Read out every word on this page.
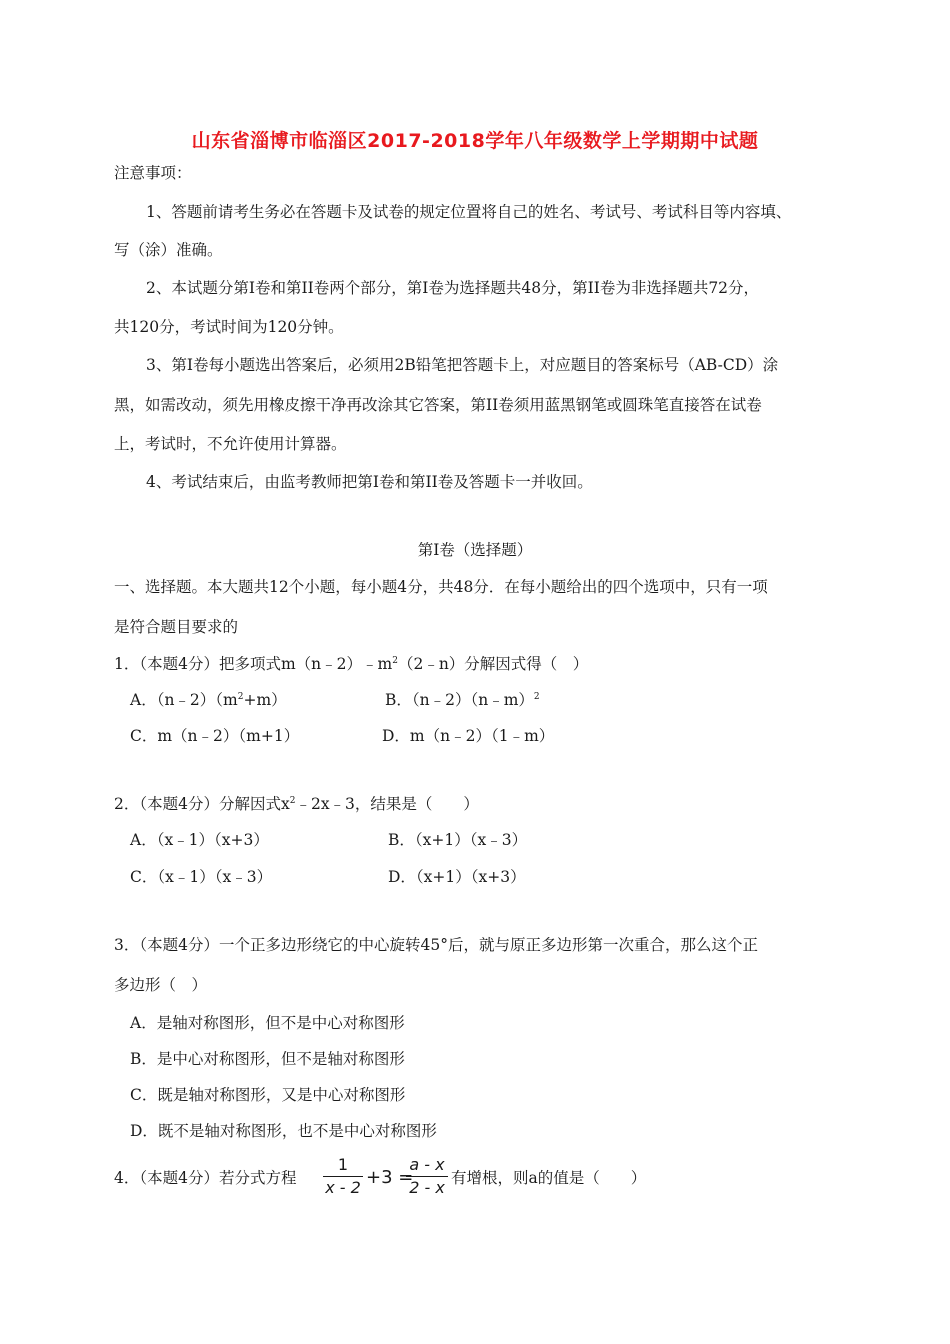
山东省淄博市临淄区2017-2018学年八年级数学上学期期中试题
注意事项：
1、答题前请考生务必在答题卡及试卷的规定位置将自己的姓名、考试号、考试科目等内容填、
写（涂）准确。
2、本试题分第I卷和第II卷两个部分，第I卷为选择题共48分，第II卷为非选择题共72分，
共120分，考试时间为120分钟。
3、第I卷每小题选出答案后，必须用2B铅笔把答题卡上，对应题目的答案标号（AB-CD）涂
黑，如需改动，须先用橡皮擦干净再改涂其它答案，第II卷须用蓝黑钢笔或圆珠笔直接答在试卷
上，考试时，不允许使用计算器。
4、考试结束后，由监考教师把第I卷和第II卷及答题卡一并收回。
第I卷（选择题）
一、选择题。本大题共12个小题，每小题4分，共48分．在每小题给出的四个选项中，只有一项
是符合题目要求的
1．（本题4分）把多项式$m(n﹣2)﹣m^2(2﹣n)$分解因式得（　）
A．$(n﹣2)(m^2+m)$	B．（n﹣2）（n﹣m）$^2$
C．m（n﹣2）（m+1）	D．m（n﹣2）（1﹣m）
2．（本题4分）分解因式$x^2﹣2x﹣3$，结果是（　　）
A．（x﹣1）（x+3）	B．（x+1）（x﹣3）
C．（x﹣1）（x﹣3）	D．（x+1）（x+3）
3．（本题4分）一个正多边形绕它的中心旋转45°后，就与原正多边形第一次重合，那么这个正
多边形（　）
A．是轴对称图形，但不是中心对称图形
B．是中心对称图形，但不是轴对称图形
C．既是轴对称图形，又是中心对称图形
D．既不是轴对称图形，也不是中心对称图形
4．（本题4分）若分式方程
1
x - 2 +3 =
a - x
2 - x 有增根，则a的值是（　　）
